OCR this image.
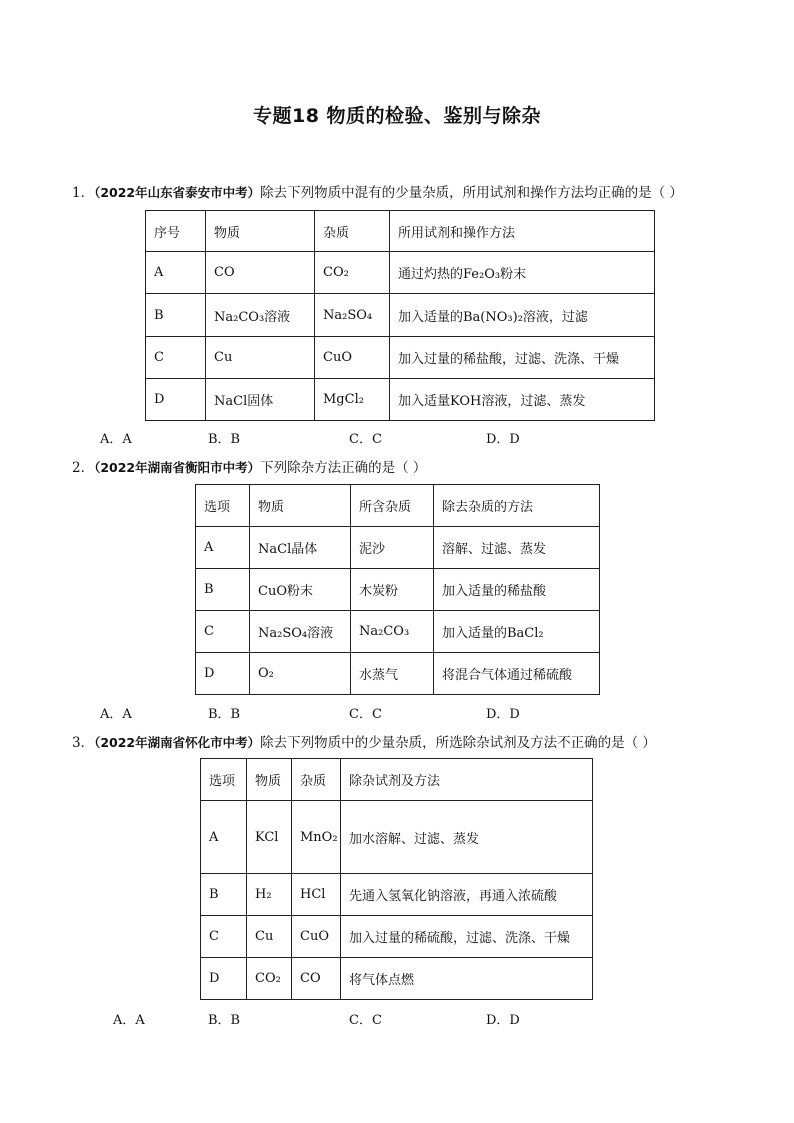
专题18 物质的检验、鉴别与除杂
1．（2022年山东省泰安市中考）除去下列物质中混有的少量杂质，所用试剂和操作方法均正确的是（ ）
序号	物质	杂质	所用试剂和操作方法
A	CO	CO₂	通过灼热的Fe₂O₃粉末
B	Na₂CO₃溶液	Na₂SO₄	加入适量的Ba(NO₃)₂溶液，过滤
C	Cu	CuO	加入过量的稀盐酸，过滤、洗涤、干燥
D	NaCl固体	MgCl₂	加入适量KOH溶液，过滤、蒸发
A．A	B．B	C．C	D．D
2．（2022年湖南省衡阳市中考）下列除杂方法正确的是（ ）
选项	物质	所含杂质	除去杂质的方法
A	NaCl晶体	泥沙	溶解、过滤、蒸发
B	CuO粉末	木炭粉	加入适量的稀盐酸
C	Na₂SO₄溶液	Na₂CO₃	加入适量的BaCl₂
D	O₂	水蒸气	将混合气体通过稀硫酸
A．A	B．B	C．C	D．D
3．（2022年湖南省怀化市中考）除去下列物质中的少量杂质，所选除杂试剂及方法不正确的是（ ）
选项	物质	杂质	除杂试剂及方法
A	KCl	MnO₂	加水溶解、过滤、蒸发
B	H₂	HCl	先通入氢氧化钠溶液，再通入浓硫酸
C	Cu	CuO	加入过量的稀硫酸，过滤、洗涤、干燥
D	CO₂	CO	将气体点燃
A．A	B．B	C．C	D．D
